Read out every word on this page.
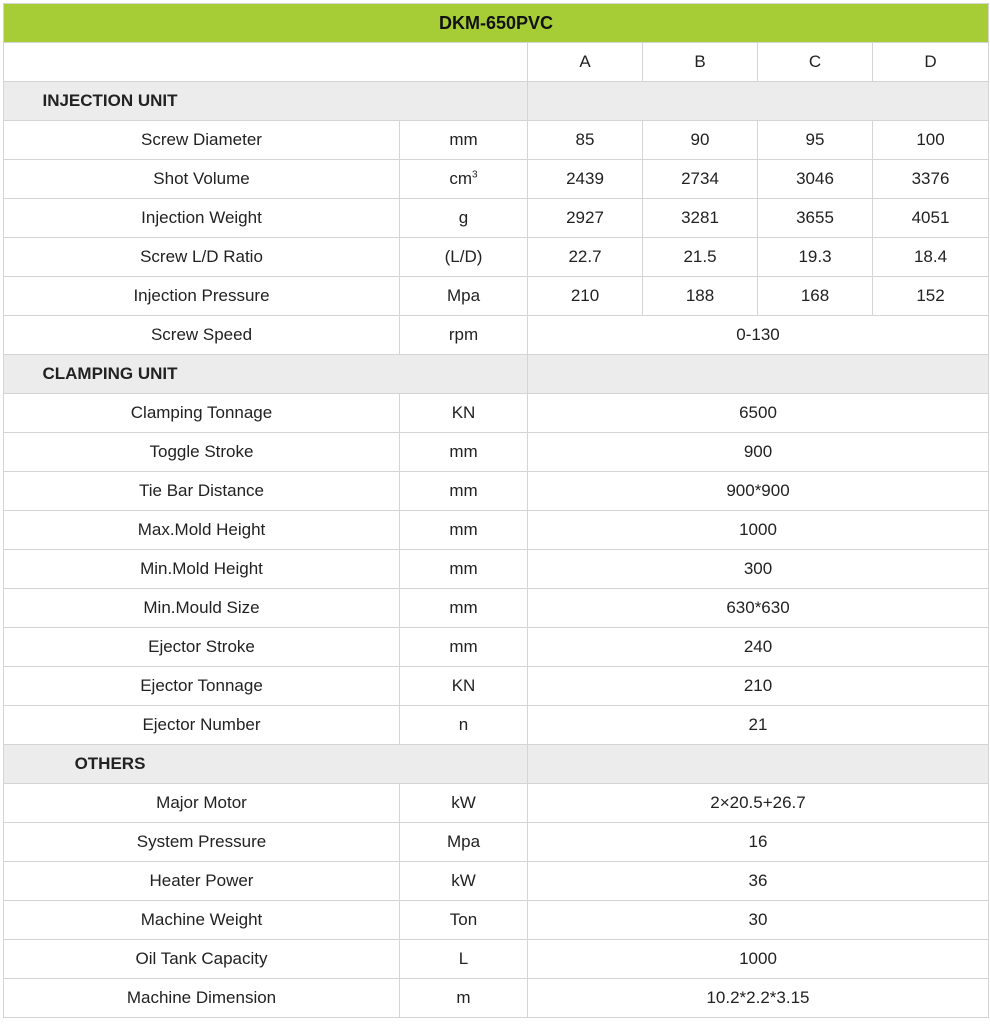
DKM-650PVC					
		A	B	C	D
INJECTION UNIT					
Screw Diameter	mm	85	90	95	100
Shot Volume	$cm^3$	2439	2734	3046	3376
Injection Weight	g	2927	3281	3655	4051
Screw L/D Ratio	(L/D)	22.7	21.5	19.3	18.4
Injection Pressure	Mpa	210	188	168	152
Screw Speed	rpm	0-130			
CLAMPING UNIT					
Clamping Tonnage	KN	6500			
Toggle Stroke	mm	900			
Tie Bar Distance	mm	900*900			
Max.Mold Height	mm	1000			
Min.Mold Height	mm	300			
Min.Mould Size	mm	630*630			
Ejector Stroke	mm	240			
Ejector Tonnage	KN	210			
Ejector Number	n	21			
OTHERS					
Major Motor	kW	2×20.5+26.7			
System Pressure	Mpa	16			
Heater Power	kW	36			
Machine Weight	Ton	30			
Oil Tank Capacity	L	1000			
Machine Dimension	m	10.2*2.2*3.15			
